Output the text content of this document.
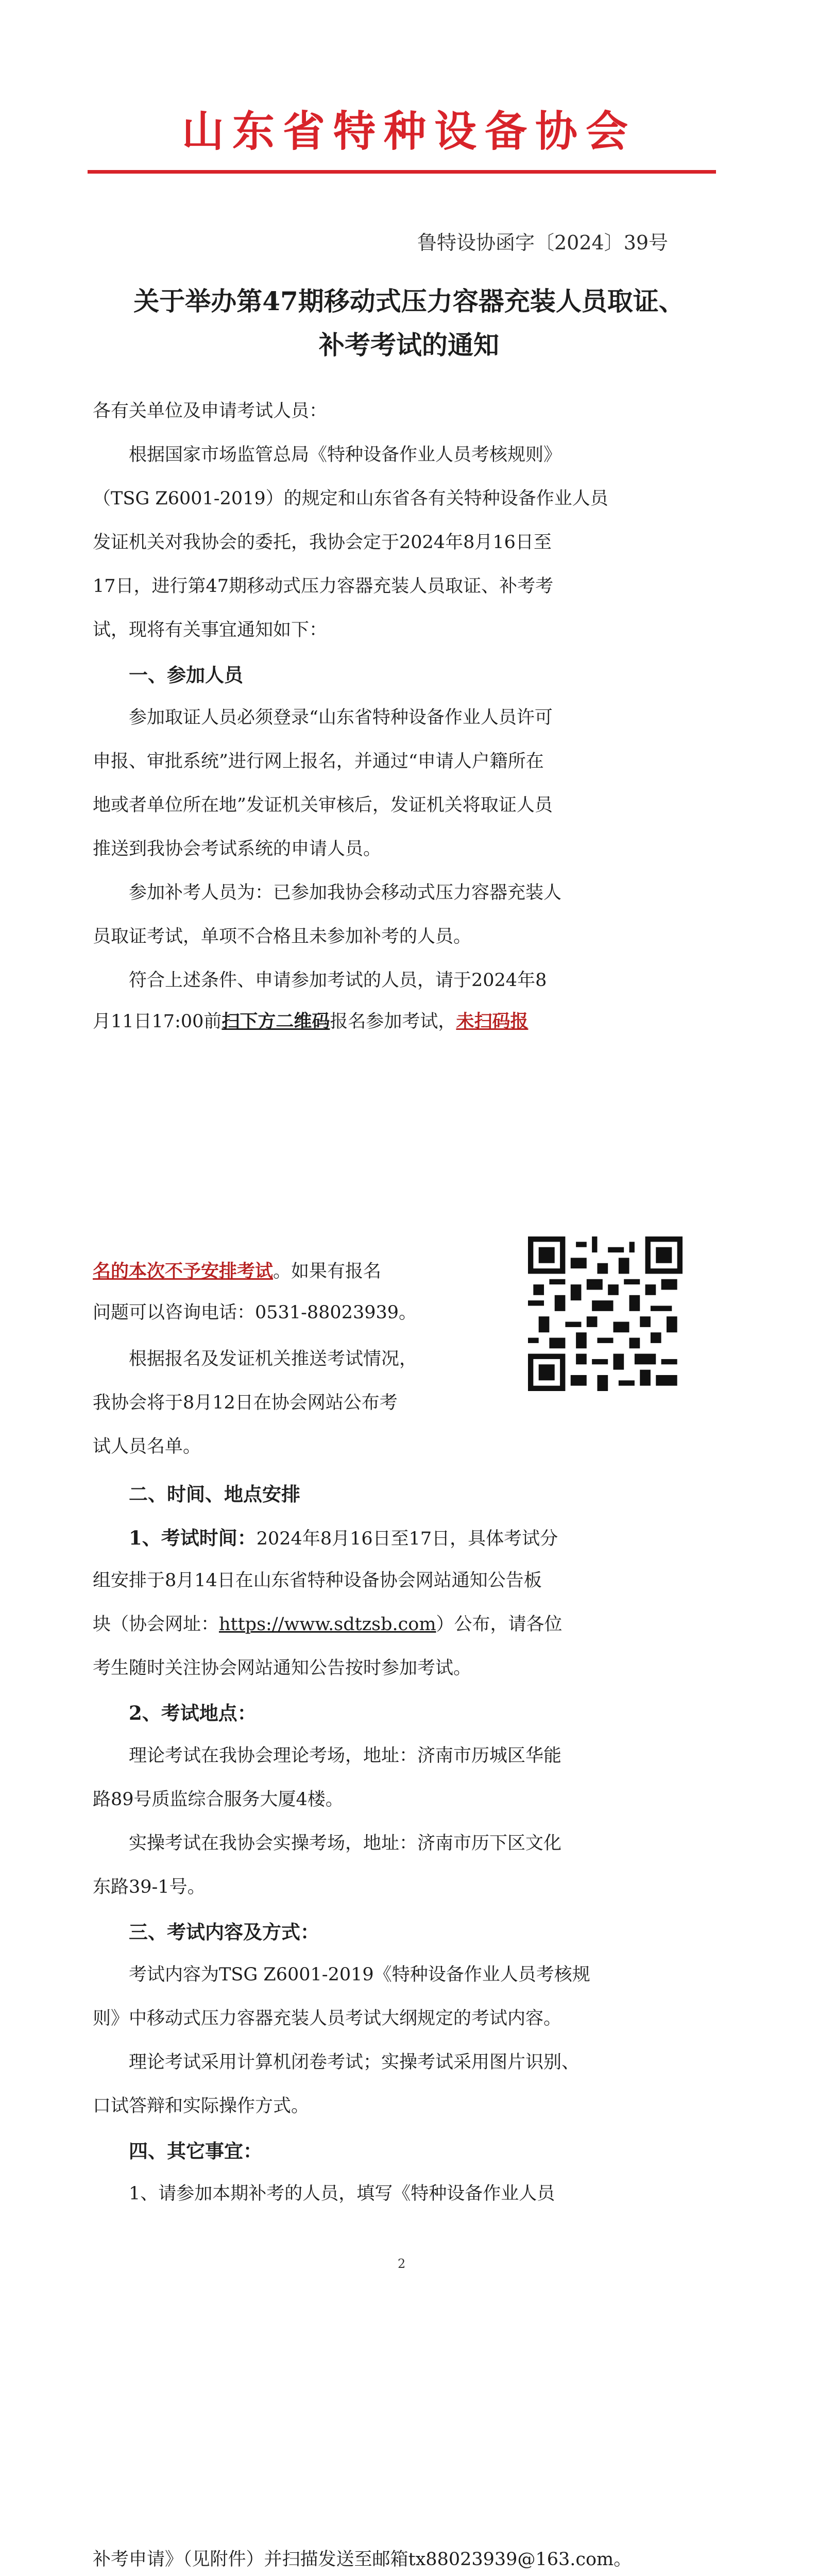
山东省特种设备协会
鲁特设协函字〔2024〕39号
关于举办第47期移动式压力容器充装人员取证、
补考考试的通知
各有关单位及申请考试人员：
根据国家市场监管总局《特种设备作业人员考核规则》
（TSG Z6001-2019）的规定和山东省各有关特种设备作业人员
发证机关对我协会的委托，我协会定于2024年8月16日至
17日，进行第47期移动式压力容器充装人员取证、补考考
试，现将有关事宜通知如下：
一、参加人员
参加取证人员必须登录“山东省特种设备作业人员许可
申报、审批系统”进行网上报名，并通过“申请人户籍所在
地或者单位所在地”发证机关审核后，发证机关将取证人员
推送到我协会考试系统的申请人员。
参加补考人员为：已参加我协会移动式压力容器充装人
员取证考试，单项不合格且未参加补考的人员。
符合上述条件、申请参加考试的人员，请于2024年8
月11日17:00前扫下方二维码报名参加考试，未扫码报
名的本次不予安排考试。如果有报名
问题可以咨询电话：0531-88023939。
根据报名及发证机关推送考试情况，
我协会将于8月12日在协会网站公布考
试人员名单。
二、时间、地点安排
1、考试时间：2024年8月16日至17日，具体考试分
组安排于8月14日在山东省特种设备协会网站通知公告板
块（协会网址：https://www.sdtzsb.com）公布，请各位
考生随时关注协会网站通知公告按时参加考试。
2、考试地点：
理论考试在我协会理论考场，地址：济南市历城区华能
路89号质监综合服务大厦4楼。
实操考试在我协会实操考场，地址：济南市历下区文化
东路39-1号。
三、考试内容及方式：
考试内容为TSG Z6001-2019《特种设备作业人员考核规
则》中移动式压力容器充装人员考试大纲规定的考试内容。
理论考试采用计算机闭卷考试；实操考试采用图片识别、
口试答辩和实际操作方式。
四、其它事宜：
1、请参加本期补考的人员，填写《特种设备作业人员
2
补考申请》（见附件）并扫描发送至邮箱tx88023939@163.com。
